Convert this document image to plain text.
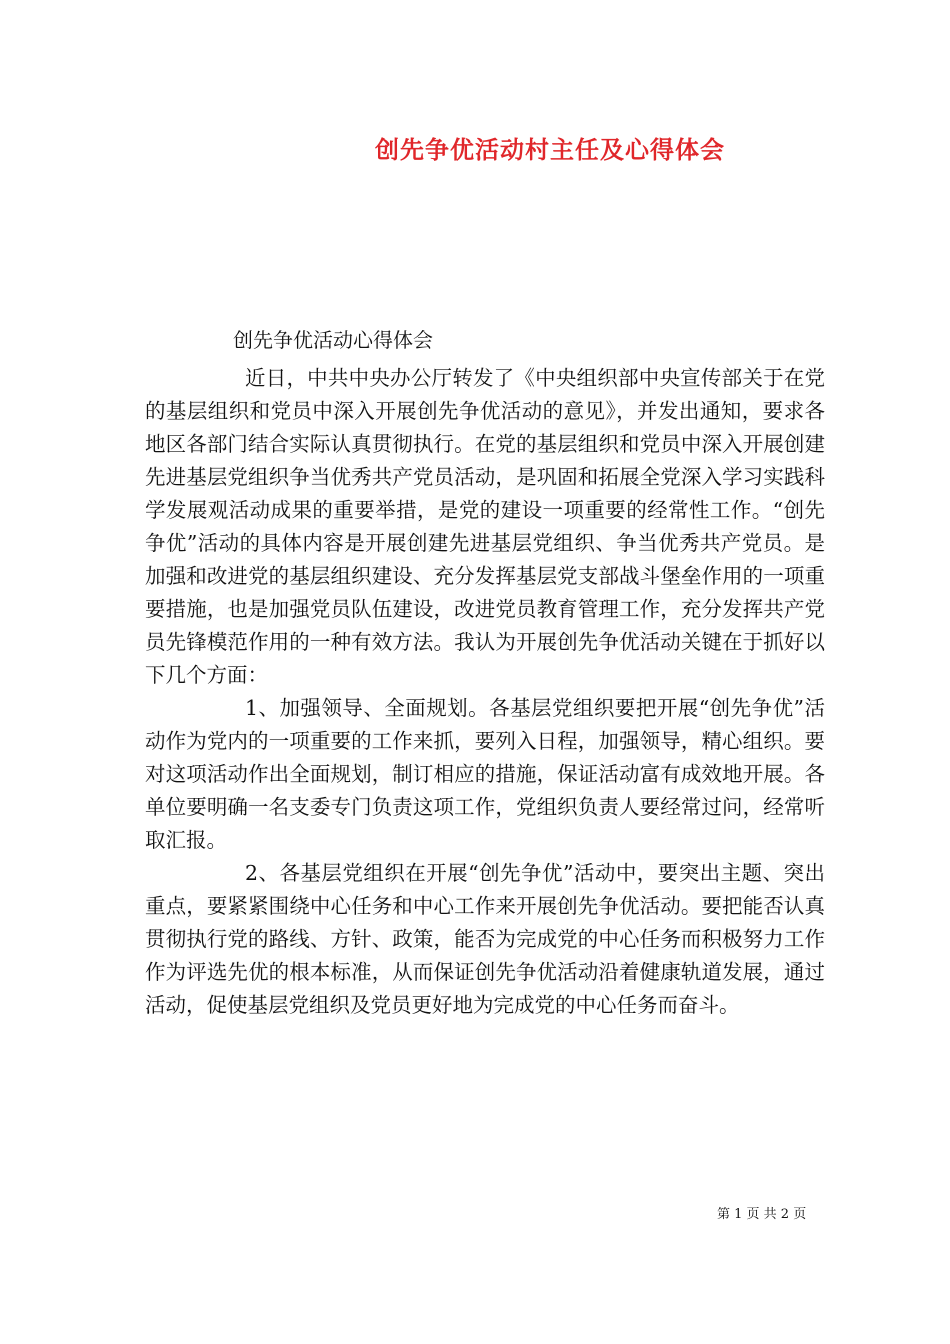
创先争优活动村主任及心得体会
创先争优活动心得体会

近日，中共中央办公厅转发了《中央组织部中央宣传部关于在党的基层组织和党员中深入开展创先争优活动的意见》，并发出通知，要求各地区各部门结合实际认真贯彻执行。在党的基层组织和党员中深入开展创建先进基层党组织争当优秀共产党员活动，是巩固和拓展全党深入学习实践科学发展观活动成果的重要举措，是党的建设一项重要的经常性工作。“创先争优”活动的具体内容是开展创建先进基层党组织、争当优秀共产党员。是加强和改进党的基层组织建设、充分发挥基层党支部战斗堡垒作用的一项重要措施，也是加强党员队伍建设，改进党员教育管理工作，充分发挥共产党员先锋模范作用的一种有效方法。我认为开展创先争优活动关键在于抓好以下几个方面：

1、加强领导、全面规划。各基层党组织要把开展“创先争优”活动作为党内的一项重要的工作来抓，要列入日程，加强领导，精心组织。要对这项活动作出全面规划，制订相应的措施，保证活动富有成效地开展。各单位要明确一名支委专门负责这项工作，党组织负责人要经常过问，经常听取汇报。

2、各基层党组织在开展“创先争优”活动中，要突出主题、突出重点，要紧紧围绕中心任务和中心工作来开展创先争优活动。要把能否认真贯彻执行党的路线、方针、政策，能否为完成党的中心任务而积极努力工作作为评选先优的根本标准，从而保证创先争优活动沿着健康轨道发展，通过活动，促使基层党组织及党员更好地为完成党的中心任务而奋斗。

第 1 页 共 2 页
